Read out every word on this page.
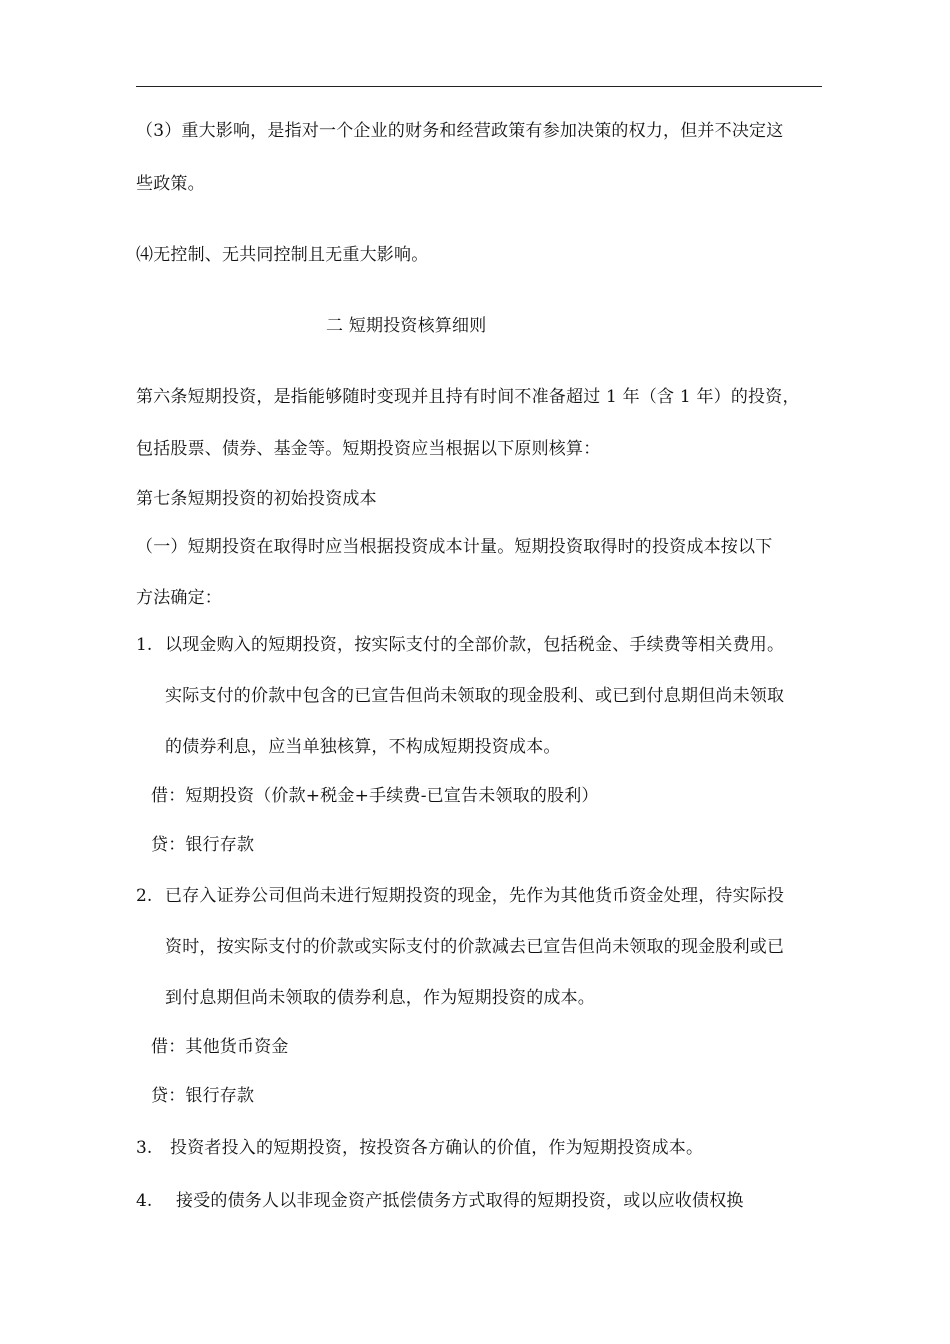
（3）重大影响，是指对一个企业的财务和经营政策有参加决策的权力，但并不决定这
些政策。
⑷无控制、无共同控制且无重大影响。
二 短期投资核算细则
第六条短期投资，是指能够随时变现并且持有时间不准备超过 1 年（含 1 年）的投资，
包括股票、债券、基金等。短期投资应当根据以下原则核算：
第七条短期投资的初始投资成本
（一）短期投资在取得时应当根据投资成本计量。短期投资取得时的投资成本按以下
方法确定：
1. 以现金购入的短期投资，按实际支付的全部价款，包括税金、手续费等相关费用。
实际支付的价款中包含的已宣告但尚未领取的现金股利、或已到付息期但尚未领取
的债券利息，应当单独核算，不构成短期投资成本。
借：短期投资（价款+税金+手续费-已宣告未领取的股利）
贷：银行存款
2. 已存入证券公司但尚未进行短期投资的现金，先作为其他货币资金处理，待实际投
资时，按实际支付的价款或实际支付的价款减去已宣告但尚未领取的现金股利或已
到付息期但尚未领取的债券利息，作为短期投资的成本。
借：其他货币资金
贷：银行存款
3. 投资者投入的短期投资，按投资各方确认的价值，作为短期投资成本。
4. 接受的债务人以非现金资产抵偿债务方式取得的短期投资，或以应收债权换
